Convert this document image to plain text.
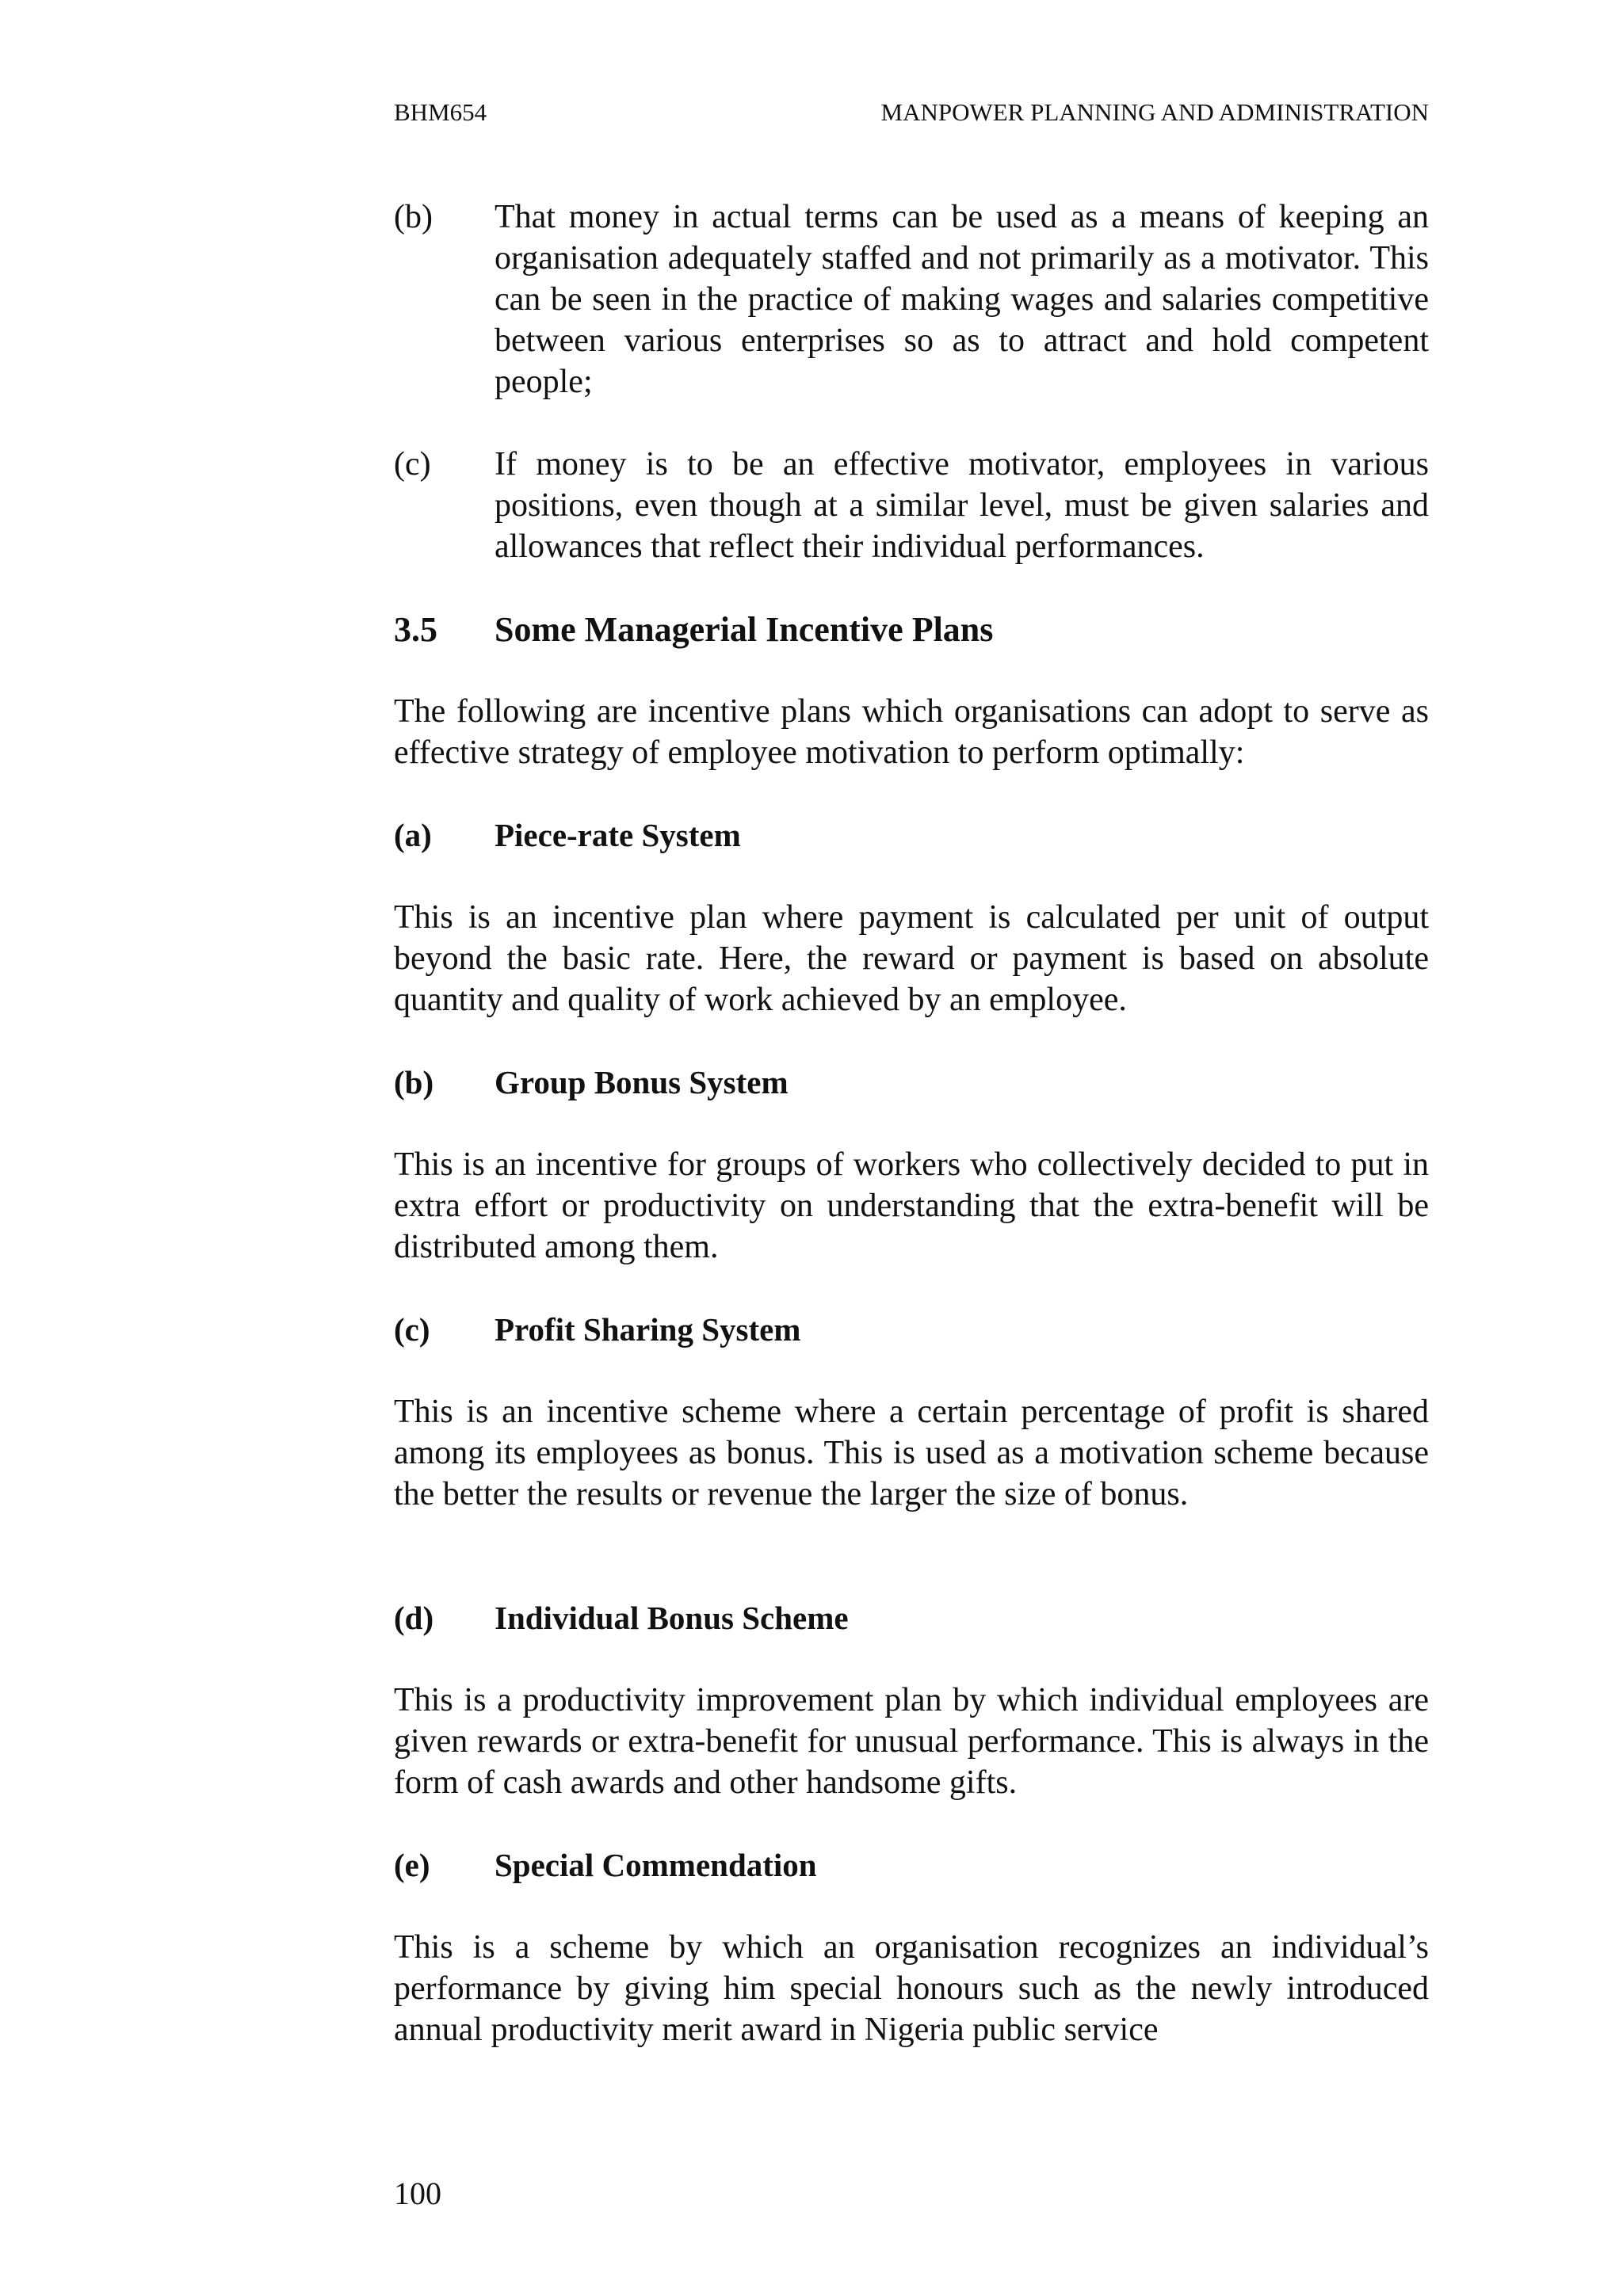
BHM654	MANPOWER PLANNING AND ADMINISTRATION
(b) That money in actual terms can be used as a means of keeping an organisation adequately staffed and not primarily as a motivator. This can be seen in the practice of making wages and salaries competitive between various enterprises so as to attract and hold competent people;
(c) If money is to be an effective motivator, employees in various positions, even though at a similar level, must be given salaries and allowances that reflect their individual performances.
3.5 Some Managerial Incentive Plans
The following are incentive plans which organisations can adopt to serve as effective strategy of employee motivation to perform optimally:
(a) Piece-rate System
This is an incentive plan where payment is calculated per unit of output beyond the basic rate. Here, the reward or payment is based on absolute quantity and quality of work achieved by an employee.
(b) Group Bonus System
This is an incentive for groups of workers who collectively decided to put in extra effort or productivity on understanding that the extra-benefit will be distributed among them.
(c) Profit Sharing System
This is an incentive scheme where a certain percentage of profit is shared among its employees as bonus. This is used as a motivation scheme because the better the results or revenue the larger the size of bonus.
(d) Individual Bonus Scheme
This is a productivity improvement plan by which individual employees are given rewards or extra-benefit for unusual performance. This is always in the form of cash awards and other handsome gifts.
(e) Special Commendation
This is a scheme by which an organisation recognizes an individual’s performance by giving him special honours such as the newly introduced annual productivity merit award in Nigeria public service
100
